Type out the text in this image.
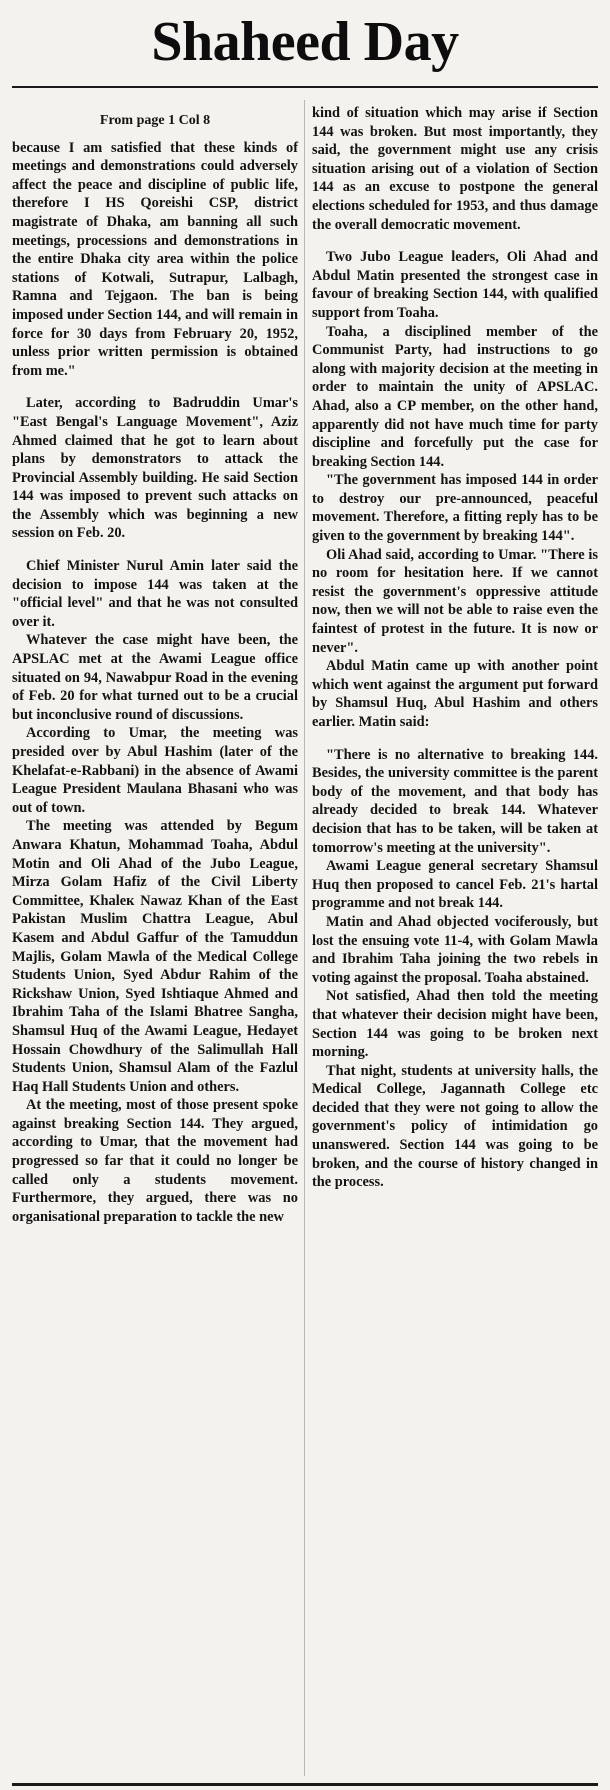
Shaheed Day
From page 1 Col 8

because I am satisfied that these kinds of meetings and demonstrations could adversely affect the peace and discipline of public life, therefore I HS Qoreishi CSP, district magistrate of Dhaka, am banning all such meetings, processions and demonstrations in the entire Dhaka city area within the police stations of Kotwali, Sutrapur, Lalbagh, Ramna and Tejgaon. The ban is being imposed under Section 144, and will remain in force for 30 days from February 20, 1952, unless prior written permission is obtained from me."

Later, according to Badruddin Umar's "East Bengal's Language Movement", Aziz Ahmed claimed that he got to learn about plans by demonstrators to attack the Provincial Assembly building. He said Section 144 was imposed to prevent such attacks on the Assembly which was beginning a new session on Feb. 20.

Chief Minister Nurul Amin later said the decision to impose 144 was taken at the "official level" and that he was not consulted over it.

Whatever the case might have been, the APSLAC met at the Awami League office situated on 94, Nawabpur Road in the evening of Feb. 20 for what turned out to be a crucial but inconclusive round of discussions.

According to Umar, the meeting was presided over by Abul Hashim (later of the Khelafat-e-Rabbani) in the absence of Awami League President Maulana Bhasani who was out of town.

The meeting was attended by Begum Anwara Khatun, Mohammad Toaha, Abdul Motin and Oli Ahad of the Jubo League, Mirza Golam Hafiz of the Civil Liberty Committee, Khaleк Nawaz Khan of the East Pakistan Muslim Chattra League, Abul Kasem and Abdul Gaffur of the Tamuddun Majlis, Golam Mawla of the Medical College Students Union, Syed Abdur Rahim of the Rickshaw Union, Syed Ishtiaque Ahmed and Ibrahim Taha of the Islami Bhatree Sangha, Shamsul Huq of the Awami League, Hedayet Hossain Chowdhury of the Salimullah Hall Students Union, Shamsul Alam of the Fazlul Haq Hall Students Union and others.

At the meeting, most of those present spoke against breaking Section 144. They argued, according to Umar, that the movement had progressed so far that it could no longer be called only a students movement. Furthermore, they argued, there was no organisational preparation to tackle the new

kind of situation which may arise if Section 144 was broken. But most importantly, they said, the government might use any crisis situation arising out of a violation of Section 144 as an excuse to postpone the general elections scheduled for 1953, and thus damage the overall democratic movement.

Two Jubo League leaders, Oli Ahad and Abdul Matin presented the strongest case in favour of breaking Section 144, with qualified support from Toaha.

Toaha, a disciplined member of the Communist Party, had instructions to go along with majority decision at the meeting in order to maintain the unity of APSLAC. Ahad, also a CP member, on the other hand, apparently did not have much time for party discipline and forcefully put the case for breaking Section 144.

"The government has imposed 144 in order to destroy our pre-announced, peaceful movement. Therefore, a fitting reply has to be given to the government by breaking 144".

Oli Ahad said, according to Umar. "There is no room for hesitation here. If we cannot resist the government's oppressive attitude now, then we will not be able to raise even the faintest of protest in the future. It is now or never".

Abdul Matin came up with another point which went against the argument put forward by Shamsul Huq, Abul Hashim and others earlier. Matin said:

"There is no alternative to breaking 144. Besides, the university committee is the parent body of the movement, and that body has already decided to break 144. Whatever decision that has to be taken, will be taken at tomorrow's meeting at the university".

Awami League general secretary Shamsul Huq then proposed to cancel Feb. 21's hartal programme and not break 144.

Matin and Ahad objected vociferously, but lost the ensuing vote 11-4, with Golam Mawla and Ibrahim Taha joining the two rebels in voting against the proposal. Toaha abstained.

Not satisfied, Ahad then told the meeting that whatever their decision might have been, Section 144 was going to be broken next morning.

That night, students at university halls, the Medical College, Jagannath College etc decided that they were not going to allow the government's policy of intimidation go unanswered. Section 144 was going to be broken, and the course of history changed in the process.
